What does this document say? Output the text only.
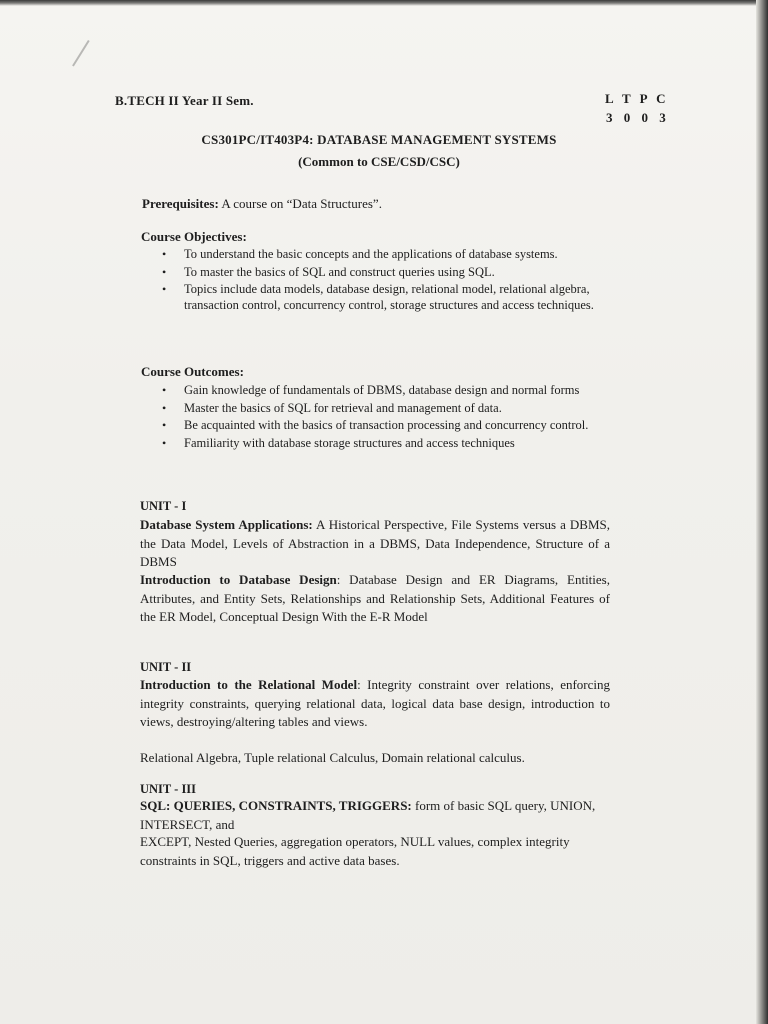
B.TECH II Year II Sem.	L T P C
3 0 0 3
CS301PC/IT403P4: DATABASE MANAGEMENT SYSTEMS
(Common to CSE/CSD/CSC)
Prerequisites: A course on “Data Structures”.
Course Objectives:
• To understand the basic concepts and the applications of database systems.
• To master the basics of SQL and construct queries using SQL.
• Topics include data models, database design, relational model, relational algebra, transaction control, concurrency control, storage structures and access techniques.
Course Outcomes:
• Gain knowledge of fundamentals of DBMS, database design and normal forms
• Master the basics of SQL for retrieval and management of data.
• Be acquainted with the basics of transaction processing and concurrency control.
• Familiarity with database storage structures and access techniques
UNIT - I
Database System Applications: A Historical Perspective, File Systems versus a DBMS, the Data Model, Levels of Abstraction in a DBMS, Data Independence, Structure of a DBMS
Introduction to Database Design: Database Design and ER Diagrams, Entities, Attributes, and Entity Sets, Relationships and Relationship Sets, Additional Features of the ER Model, Conceptual Design With the E-R Model
UNIT - II
Introduction to the Relational Model: Integrity constraint over relations, enforcing integrity constraints, querying relational data, logical data base design, introduction to views, destroying/altering tables and views.
Relational Algebra, Tuple relational Calculus, Domain relational calculus.
UNIT - III
SQL: QUERIES, CONSTRAINTS, TRIGGERS: form of basic SQL query, UNION, INTERSECT, and
EXCEPT, Nested Queries, aggregation operators, NULL values, complex integrity constraints in SQL, triggers and active data bases.
